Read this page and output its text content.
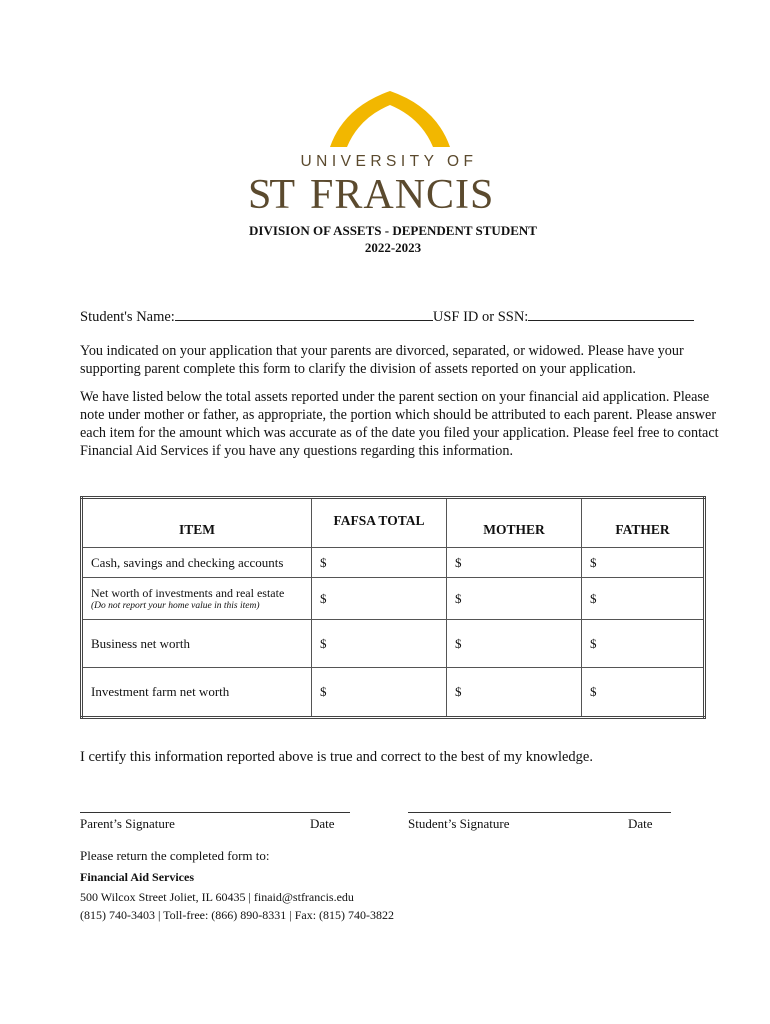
UNIVERSITY OF
ST FRANCIS
DIVISION OF ASSETS - DEPENDENT STUDENT
2022-2023
Student's Name:	USF ID or SSN:

You indicated on your application that your parents are divorced, separated, or widowed. Please have your supporting parent complete this form to clarify the division of assets reported on your application.

We have listed below the total assets reported under the parent section on your financial aid application. Please note under mother or father, as appropriate, the portion which should be attributed to each parent. Please answer each item for the amount which was accurate as of the date you filed your application. Please feel free to contact Financial Aid Services if you have any questions regarding this information.

ITEM	FAFSA TOTAL	MOTHER	FATHER
Cash, savings and checking accounts	$	$	$

Net worth of investments and real estate
(Do not report your home value in this item)	$	$	$
Business net worth	$	$	$
Investment farm net worth	$	$	$
I certify this information reported above is true and correct to the best of my knowledge.
Parent’s Signature	Date	Student’s Signature	Date
Please return the completed form to:
Financial Aid Services
500 Wilcox Street Joliet, IL 60435 | finaid@stfrancis.edu
(815) 740-3403 | Toll-free: (866) 890-8331 | Fax: (815) 740-3822
